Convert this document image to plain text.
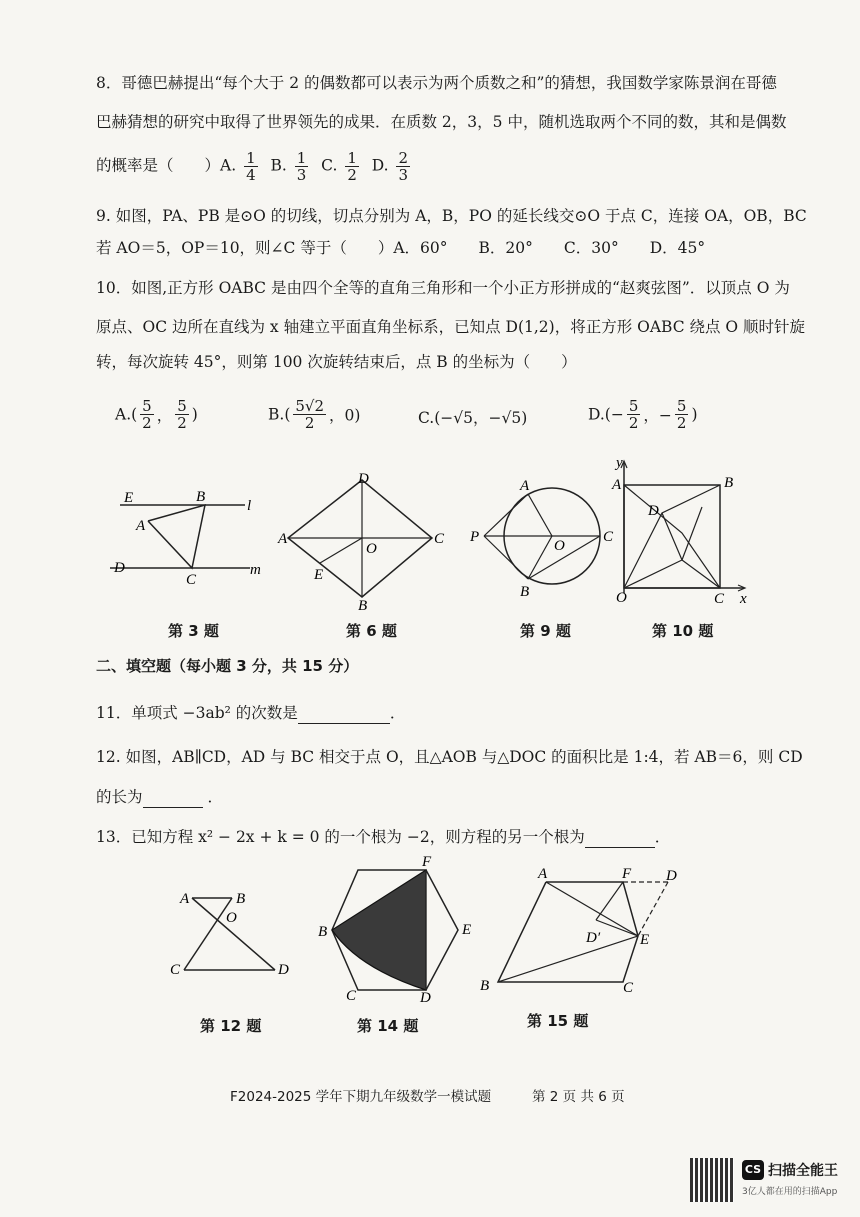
8．哥德巴赫提出“每个大于 2 的偶数都可以表示为两个质数之和”的猜想，我国数学家陈景润在哥德
巴赫猜想的研究中取得了世界领先的成果．在质数 2，3，5 中，随机选取两个不同的数，其和是偶数
的概率是（　　）A. $\frac{1}{4} B$. $\frac{1}{3} C$. $\frac{1}{2} D$. $\frac{2}{3}$
9. 如图，PA、PB 是⊙O 的切线，切点分别为 A，B，PO 的延长线交⊙O 于点 C，连接 OA，OB，BC
若 AO＝5，OP＝10，则∠C 等于（　　）A．60°　　B．20°　　C．30°　　D．45°
10．如图,正方形 OABC 是由四个全等的直角三角形和一个小正方形拼成的“赵爽弦图”．以顶点 O 为
原点、OC 边所在直线为 x 轴建立平面直角坐标系，已知点 D(1,2)，将正方形 OABC 绕点 O 顺时针旋
转，每次旋转 45°，则第 100 次旋转结束后，点 B 的坐标为（　　）
$A.( \frac{5}{2}$ ， $\frac{5}{2}$ )	$B.( \frac{5√2}{2}$ ，0)	C.(−√5，−√5)	$D.(- \frac{5}{2}$ ，− $\frac{5}{2}$ )
E	B
l
A
D
C
m
第 3 题
D
A
O
C
E
B
第 6 题
A
P
O
C
B
第 9 题
y
A	B
D
O	C x
第 10 题
二、填空题（每小题 3 分，共 15 分）
11．单项式 −3ab² 的次数是	．
12. 如图，AB∥CD，AD 与 BC 相交于点 O，且△AOB 与△DOC 的面积比是 1:4，若 AB＝6，则 CD
的长为	．
13．已知方程 x² − 2x + k = 0 的一个根为 −2，则方程的另一个根为	．
A	B
O
C	D
第 12 题
F
B	E
C	D
第 14 题
A	F D
D′	E
B	C
第 15 题
F2024-2025 学年下期九年级数学一模试题	第 2 页 共 6 页
CS 扫描全能王
3亿人都在用的扫描App
